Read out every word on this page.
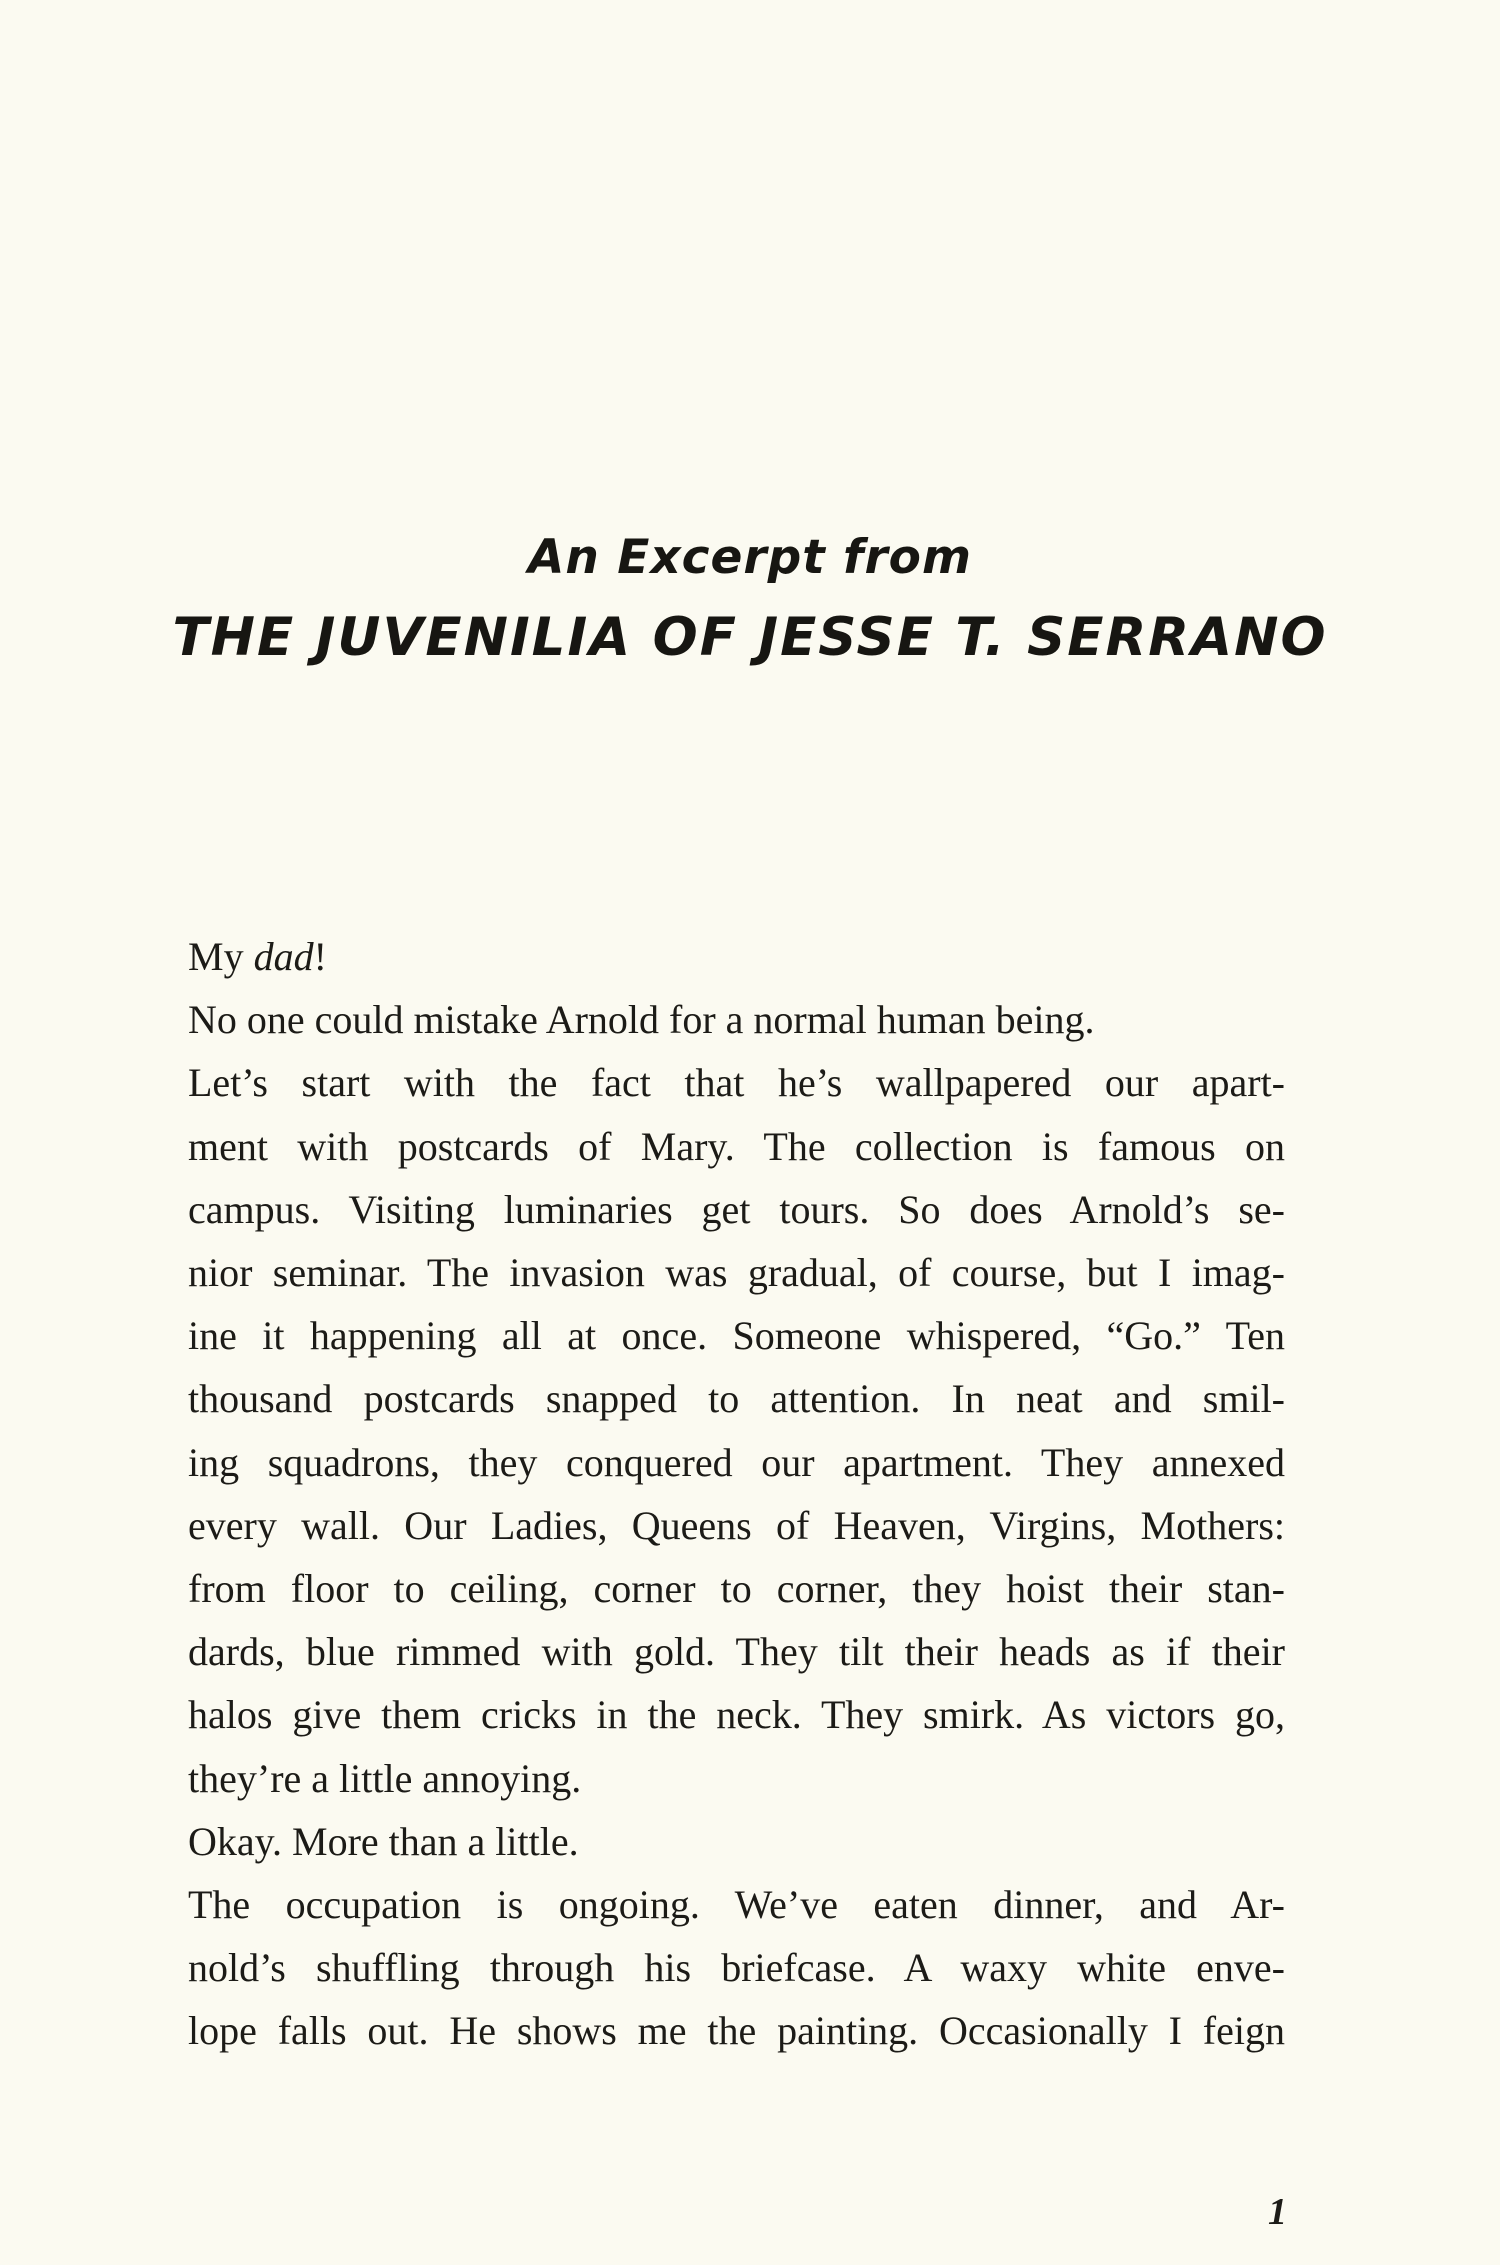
An Excerpt from
THE JUVENILIA OF JESSE T. SERRANO
My dad!
No one could mistake Arnold for a normal human being.
Let’s start with the fact that he’s wallpapered our apart-
ment with postcards of Mary. The collection is famous on
campus. Visiting luminaries get tours. So does Arnold’s se-
nior seminar. The invasion was gradual, of course, but I imag-
ine it happening all at once. Someone whispered, “Go.” Ten
thousand postcards snapped to attention. In neat and smil-
ing squadrons, they conquered our apartment. They annexed
every wall. Our Ladies, Queens of Heaven, Virgins, Mothers:
from floor to ceiling, corner to corner, they hoist their stan-
dards, blue rimmed with gold. They tilt their heads as if their
halos give them cricks in the neck. They smirk. As victors go,
they’re a little annoying.
Okay. More than a little.
The occupation is ongoing. We’ve eaten dinner, and Ar-
nold’s shuffling through his briefcase. A waxy white enve-
lope falls out. He shows me the painting. Occasionally I feign
1
